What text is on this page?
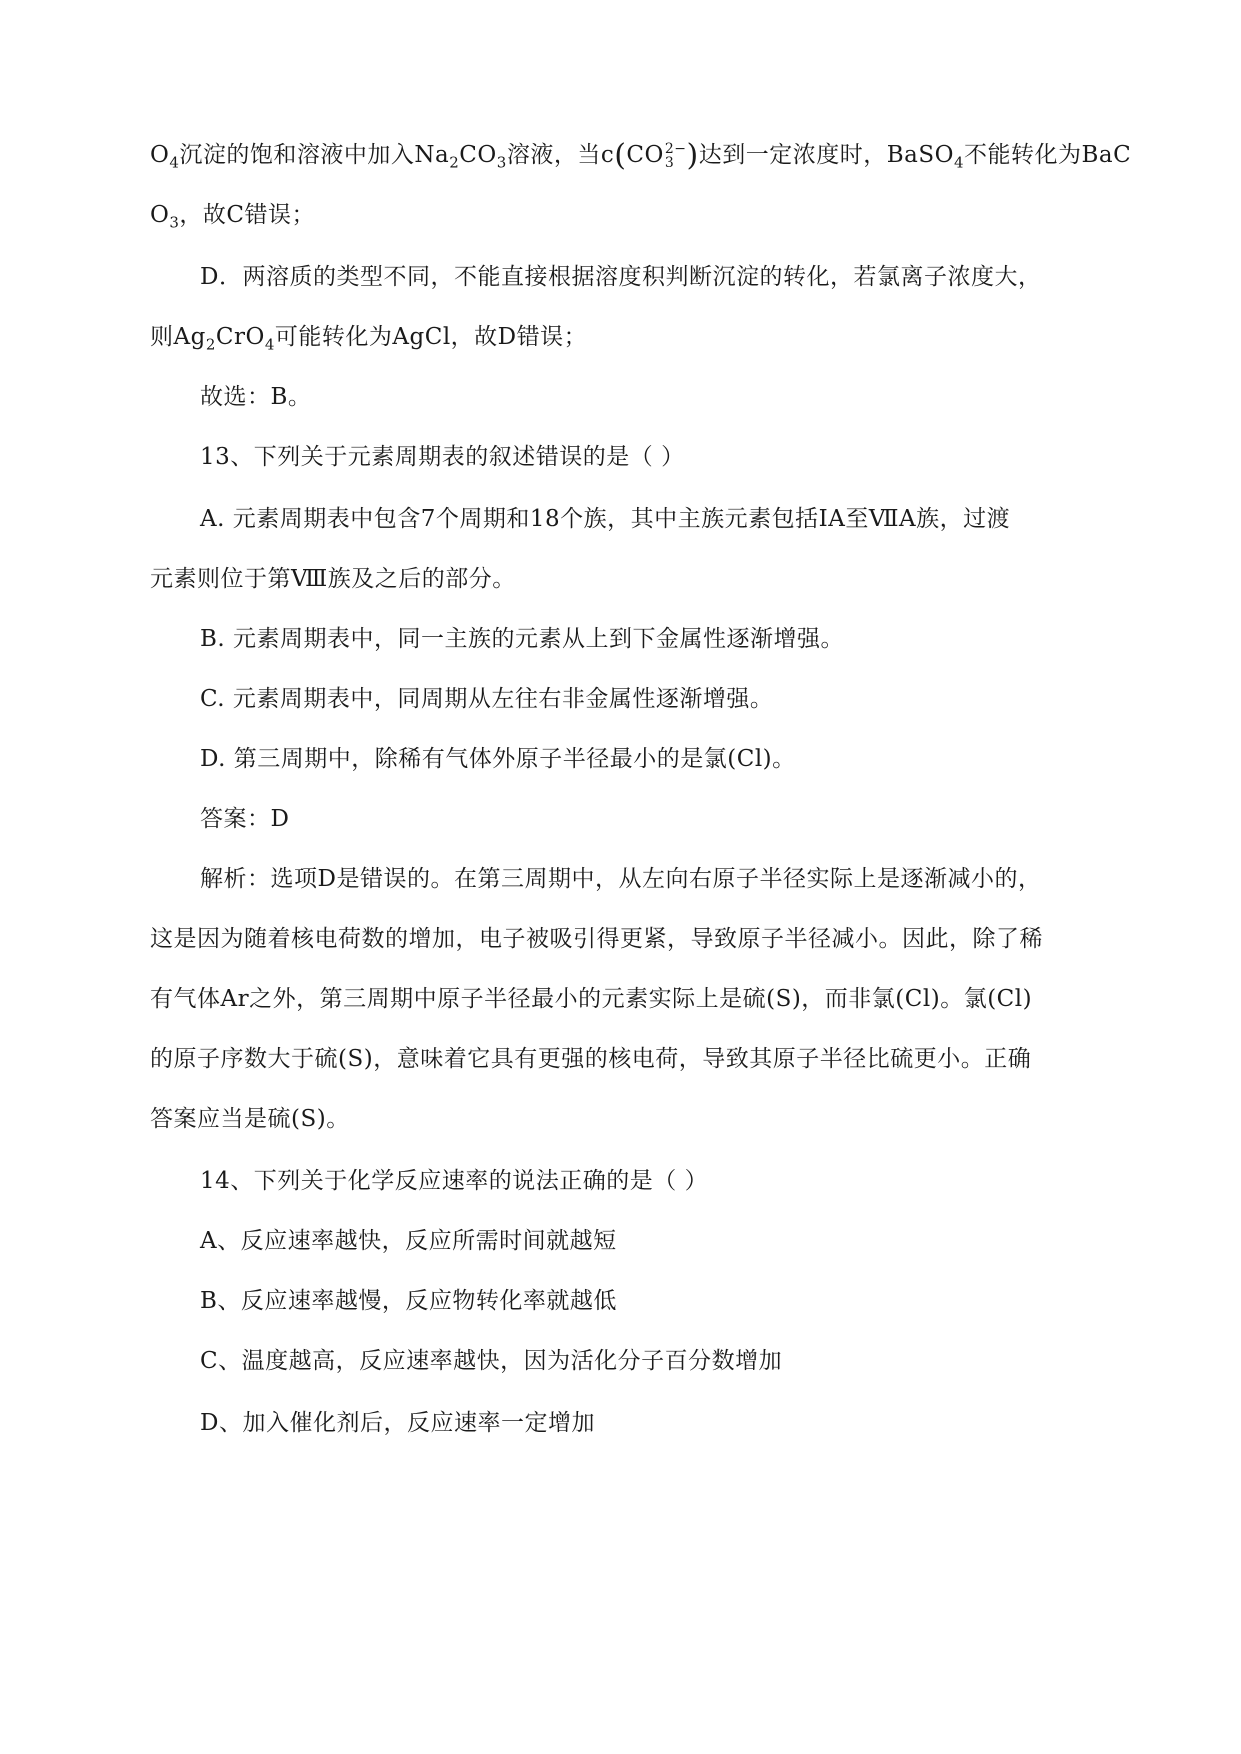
$O_4$沉淀的饱和溶液中加入$Na_2CO_3$溶液，当c(CO 2−
3 )达到一定浓度时，BaSO$_4$不能转化为BaC
$O_3$，故C错误；
D．两溶质的类型不同，不能直接根据溶度积判断沉淀的转化，若氯离子浓度大，
则$Ag_2CrO_4$可能转化为AgCl，故D错误；
故选：B。
13、下列关于元素周期表的叙述错误的是（ ）
A. 元素周期表中包含7个周期和18个族，其中主族元素包括ⅠA至ⅦA族，过渡
元素则位于第Ⅷ族及之后的部分。
B. 元素周期表中，同一主族的元素从上到下金属性逐渐增强。
C. 元素周期表中，同周期从左往右非金属性逐渐增强。
D. 第三周期中，除稀有气体外原子半径最小的是氯(Cl)。
答案：D
解析：选项D是错误的。在第三周期中，从左向右原子半径实际上是逐渐减小的，
这是因为随着核电荷数的增加，电子被吸引得更紧，导致原子半径减小。因此，除了稀
有气体Ar之外，第三周期中原子半径最小的元素实际上是硫(S)，而非氯(Cl)。氯(Cl)
的原子序数大于硫(S)，意味着它具有更强的核电荷，导致其原子半径比硫更小。正确
答案应当是硫(S)。
14、下列关于化学反应速率的说法正确的是（ ）
A、反应速率越快，反应所需时间就越短
B、反应速率越慢，反应物转化率就越低
C、温度越高，反应速率越快，因为活化分子百分数增加
D、加入催化剂后，反应速率一定增加
